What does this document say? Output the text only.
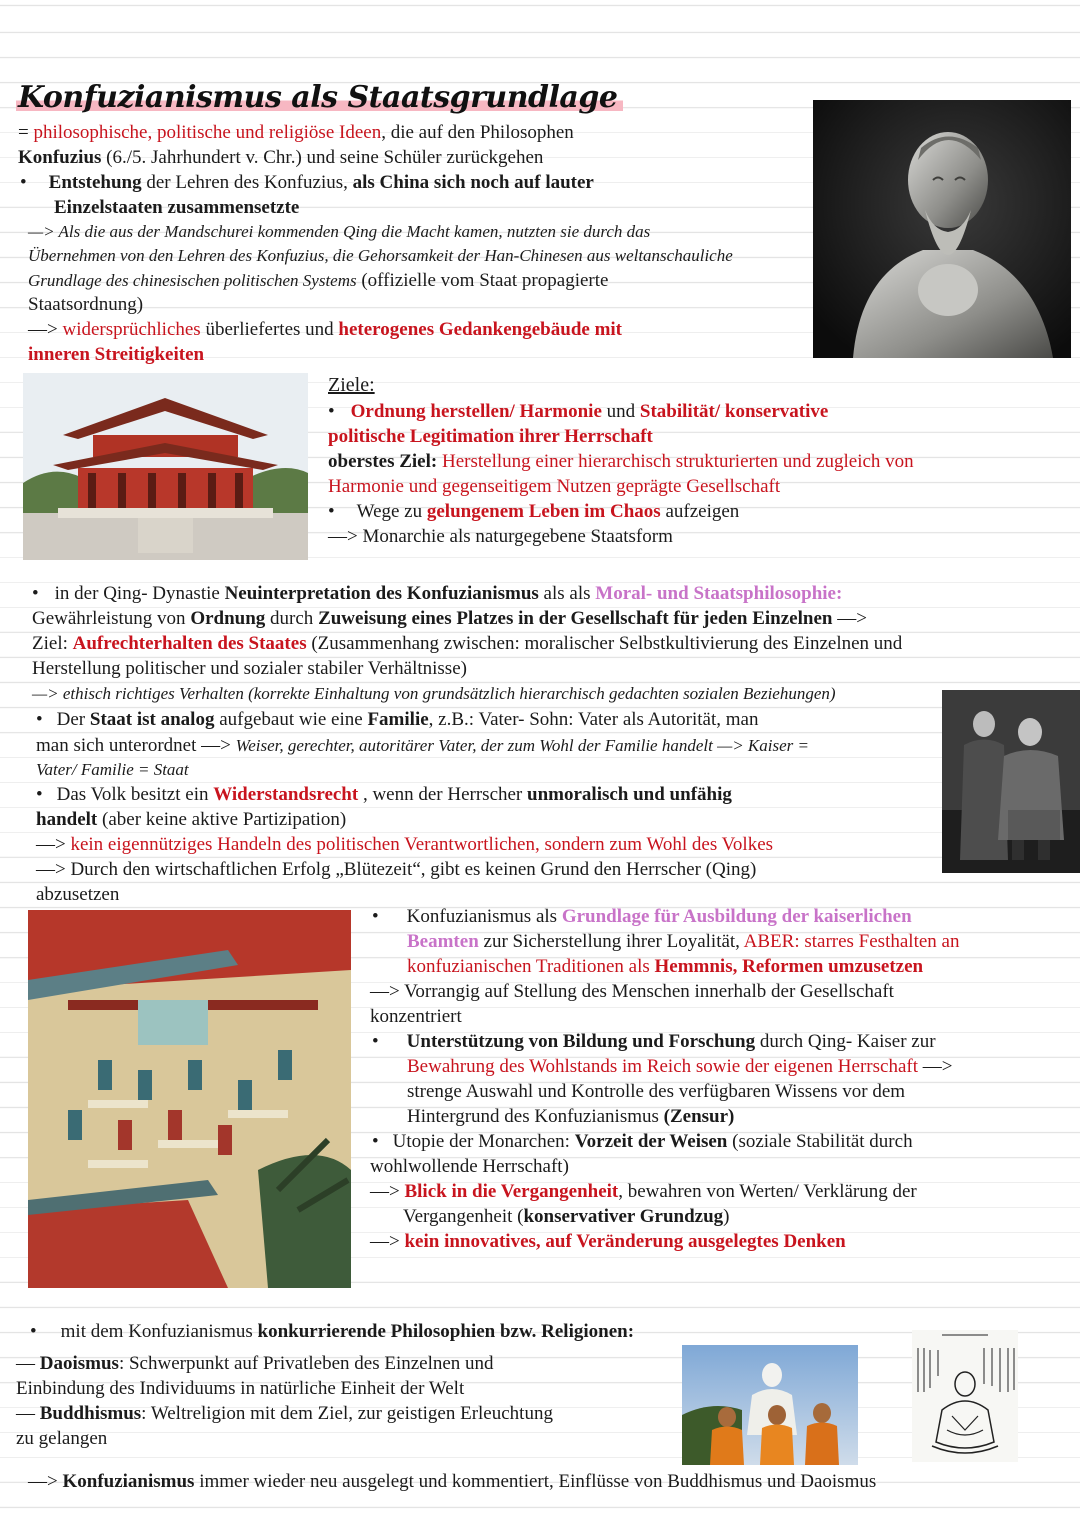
Konfuzianismus als Staatsgrundlage
= philosophische, politische und religiöse Ideen, die auf den Philosophen
Konfuzius (6./5. Jahrhundert v. Chr.) und seine Schüler zurückgehen
• Entstehung der Lehren des Konfuzius, als China sich noch auf lauter
Einzelstaaten zusammensetzte
—> Als die aus der Mandschurei kommenden Qing die Macht kamen, nutzten sie durch das
Übernehmen von den Lehren des Konfuzius, die Gehorsamkeit der Han-Chinesen aus weltanschauliche
Grundlage des chinesischen politischen Systems (offizielle vom Staat propagierte
Staatsordnung)
—> widersprüchliches überliefertes und heterogenes Gedankengebäude mit
inneren Streitigkeiten
Ziele:
• Ordnung herstellen/ Harmonie und Stabilität/ konservative
politische Legitimation ihrer Herrschaft
oberstes Ziel: Herstellung einer hierarchisch strukturierten und zugleich von
Harmonie und gegenseitigem Nutzen geprägte Gesellschaft
• Wege zu gelungenem Leben im Chaos aufzeigen
—> Monarchie als naturgegebene Staatsform
• in der Qing- Dynastie Neuinterpretation des Konfuzianismus als als Moral- und Staatsphilosophie:
Gewährleistung von Ordnung durch Zuweisung eines Platzes in der Gesellschaft für jeden Einzelnen —>
Ziel: Aufrechterhalten des Staates (Zusammenhang zwischen: moralischer Selbstkultivierung des Einzelnen und
Herstellung politischer und sozialer stabiler Verhältnisse)
—> ethisch richtiges Verhalten (korrekte Einhaltung von grundsätzlich hierarchisch gedachten sozialen Beziehungen)
• Der Staat ist analog aufgebaut wie eine Familie, z.B.: Vater- Sohn: Vater als Autorität, man
man sich unterordnet —> Weiser, gerechter, autoritärer Vater, der zum Wohl der Familie handelt —> Kaiser =
Vater/ Familie = Staat
• Das Volk besitzt ein Widerstandsrecht , wenn der Herrscher unmoralisch und unfähig
handelt (aber keine aktive Partizipation)
—> kein eigennütziges Handeln des politischen Verantwortlichen, sondern zum Wohl des Volkes
—> Durch den wirtschaftlichen Erfolg „Blütezeit“, gibt es keinen Grund den Herrscher (Qing)
abzusetzen
• Konfuzianismus als Grundlage für Ausbildung der kaiserlichen
Beamten zur Sicherstellung ihrer Loyalität, ABER: starres Festhalten an
konfuzianischen Traditionen als Hemmnis, Reformen umzusetzen
—> Vorrangig auf Stellung des Menschen innerhalb der Gesellschaft
konzentriert
• Unterstützung von Bildung und Forschung durch Qing- Kaiser zur
Bewahrung des Wohlstands im Reich sowie der eigenen Herrschaft —>
strenge Auswahl und Kontrolle des verfügbaren Wissens vor dem
Hintergrund des Konfuzianismus (Zensur)
• Utopie der Monarchen: Vorzeit der Weisen (soziale Stabilität durch
wohlwollende Herrschaft)
—> Blick in die Vergangenheit, bewahren von Werten/ Verklärung der
Vergangenheit (konservativer Grundzug)
—> kein innovatives, auf Veränderung ausgelegtes Denken
• mit dem Konfuzianismus konkurrierende Philosophien bzw. Religionen:
— Daoismus: Schwerpunkt auf Privatleben des Einzelnen und
Einbindung des Individuums in natürliche Einheit der Welt
— Buddhismus: Weltreligion mit dem Ziel, zur geistigen Erleuchtung
zu gelangen
—> Konfuzianismus immer wieder neu ausgelegt und kommentiert, Einflüsse von Buddhismus und Daoismus
